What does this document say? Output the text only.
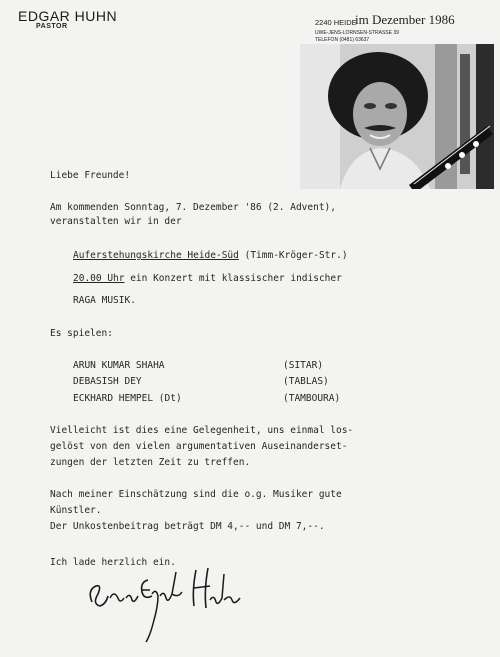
EDGAR HUHN
PASTOR	2240 HEIDE
im Dezember 1986
UWE-JENS-LORNSEN-STRASSE 39
TELEFON (0481) 63637
Liebe Freunde!
Am kommenden Sonntag, 7. Dezember '86 (2. Advent),
veranstalten wir in der
Auferstehungskirche Heide-Süd (Timm-Kröger-Str.)
20.00 Uhr ein Konzert mit klassischer indischer
RAGA MUSIK.
Es spielen:
ARUN KUMAR SHAHA	(SITAR)
DEBASISH DEY	(TABLAS)
ECKHARD HEMPEL (Dt)	(TAMBOURA)
Vielleicht ist dies eine Gelegenheit, uns einmal los-
gelöst von den vielen argumentativen Auseinanderset-
zungen der letzten Zeit zu treffen.
Nach meiner Einschätzung sind die o.g. Musiker gute
Künstler.
Der Unkostenbeitrag beträgt DM 4,-- und DM 7,--.
Ich lade herzlich ein.
